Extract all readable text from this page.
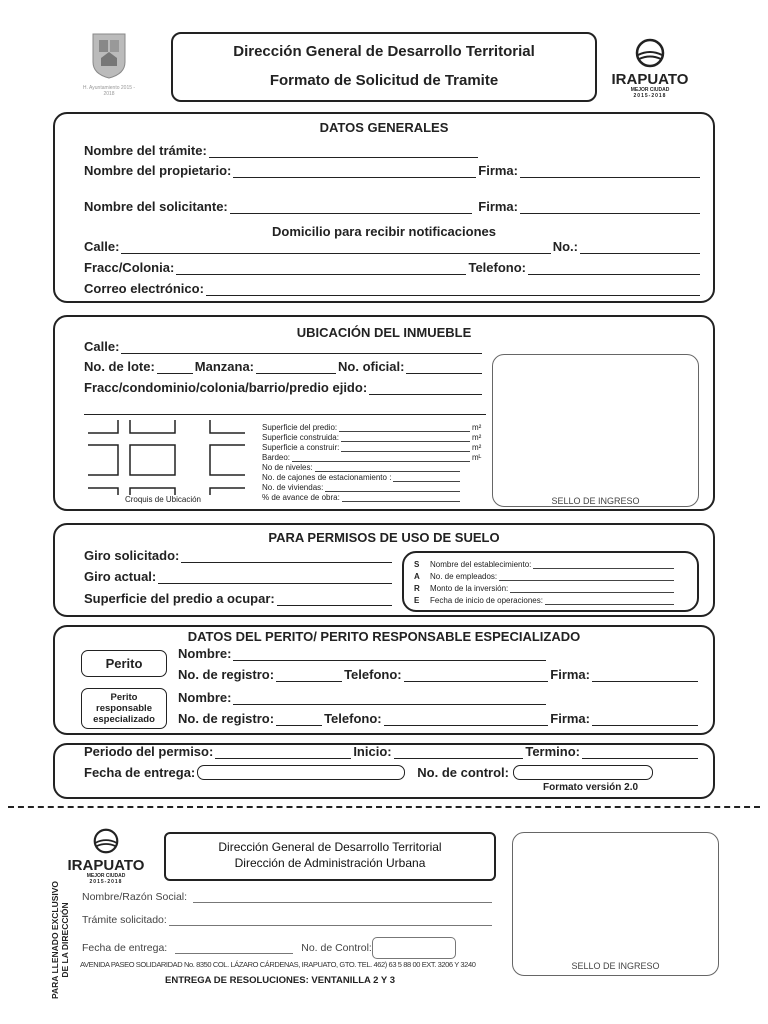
H. Ayuntamiento 2015 - 2018
Dirección General de Desarrollo Territorial
Formato de Solicitud de Tramite	IRAPUATO
MEJOR CIUDAD
2015-2018
DATOS GENERALES
Nombre del trámite:
Nombre del propietario:	Firma:
Nombre del solicitante:	Firma:
Domicilio para recibir notificaciones
Calle:	No.:
Fracc/Colonia:	Telefono:
Correo electrónico:
UBICACIÓN DEL INMUEBLE
Calle:
No. de lote:	Manzana:	No. oficial:
Fracc/condominio/colonia/barrio/predio ejido:
Croquis de Ubicación
Superficie del predio:	m²
Superficie construida:	m²
Superficie a construir:	m²
Bardeo:	mᴸ
No de niveles:
No. de cajones de estacionamiento :
No. de viviendas:
% de avance de obra:	SELLO DE INGRESO
PARA PERMISOS DE USO DE SUELO
Giro solicitado:
Giro actual:
Superficie del predio a ocupar:
S	Nombre del establecimiento:
A	No. de empleados:
R	Monto de la inversión:
E	Fecha de inicio de operaciones:
DATOS DEL PERITO/ PERITO RESPONSABLE ESPECIALIZADO
Perito
Perito responsable especializado
Nombre:
No. de registro:	Telefono:	Firma:
Nombre:
No. de registro:	Telefono:	Firma:
Periodo del permiso:	Inicio:	Termino:
Fecha de entrega:	No. de control:
Formato versión 2.0
IRAPUATO
MEJOR CIUDAD
2015-2018
Dirección General de Desarrollo Territorial
Dirección de Administración Urbana
PARA LLENADO EXCLUSIVO DE LA DIRECCIÓN
Nombre/Razón Social:
Trámite solicitado:
Fecha de entrega:	No. de Control:
AVENIDA PASEO SOLIDARIDAD No. 8350 COL. LÁZARO CÁRDENAS, IRAPUATO, GTO. TEL. 462) 63 5 88 00 EXT. 3206 Y 3240
ENTREGA DE RESOLUCIONES: VENTANILLA 2 Y 3
SELLO DE INGRESO
